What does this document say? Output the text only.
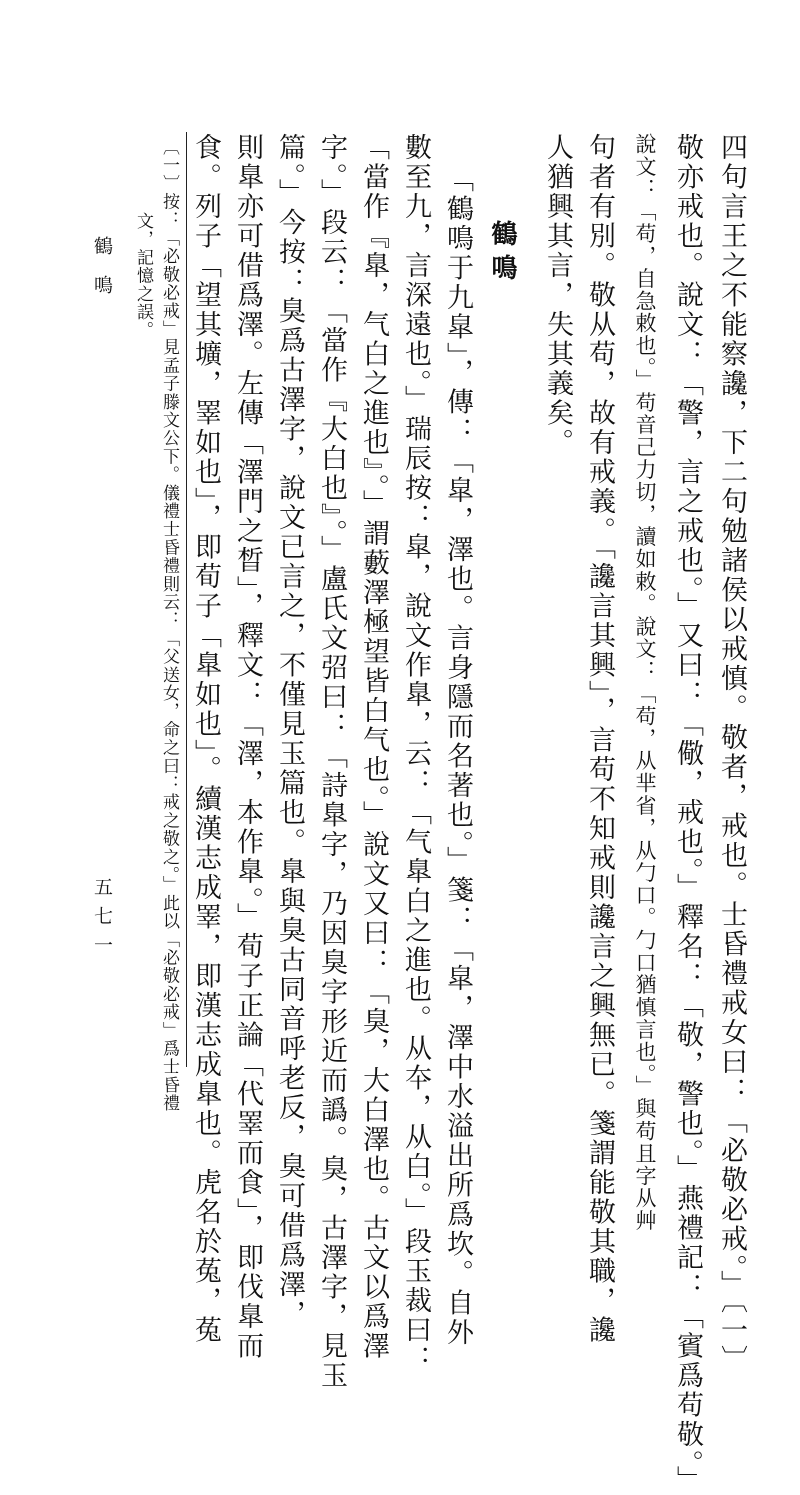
四句言王之不能察讒，下二句勉諸侯以戒慎。敬者，戒也。士昏禮戒女曰：「必敬必戒。」〔一〕

敬亦戒也。說文：「警，言之戒也。」又曰：「儆，戒也。」釋名：「敬，警也。」燕禮記：「賓爲苟敬。」

說文：「苟，自急敕也。」苟音己力切，讀如敕。說文：「苟，从芈省，从勹口。勹口猶慎言也。」與苟且字从艸

句者有別。敬从苟，故有戒義。「讒言其興」，言苟不知戒則讒言之興無已。箋謂能敬其職，讒

人猶興其言，失其義矣。

鶴鳴

「鶴鳴于九皐」，傳：「皐，澤也。言身隱而名著也。」箋：「皐，澤中水溢出所爲坎。自外

數至九，言深遠也。」瑞辰按：皐，說文作臯，云：「气臯白之進也。从夲，从白。」段玉裁曰：

「當作『臯，气白之進也』。」謂藪澤極望皆白气也。」說文又曰：「臭，大白澤也。古文以爲澤

字。」段云：「當作『大白也』。」盧氏文弨曰：「詩臯字，乃因臭字形近而譌。臭，古澤字，見玉

篇。」今按：臭爲古澤字，說文已言之，不僅見玉篇也。臯與臭古同音呼老反，臭可借爲澤，

則臯亦可借爲澤。左傳「澤門之晳」，釋文：「澤，本作臯。」荀子正論「代睪而食」，即伐臯而

食。列子「望其壙，睪如也」，即荀子「臯如也」。續漢志成睪，即漢志成臯也。虎名於菟，菟

〔一〕按：「必敬必戒」見孟子滕文公下。儀禮士昏禮則云：「父送女，命之曰：戒之敬之。」此以「必敬必戒」爲士昏禮

文，記憶之誤。

鶴鳴
五七一
